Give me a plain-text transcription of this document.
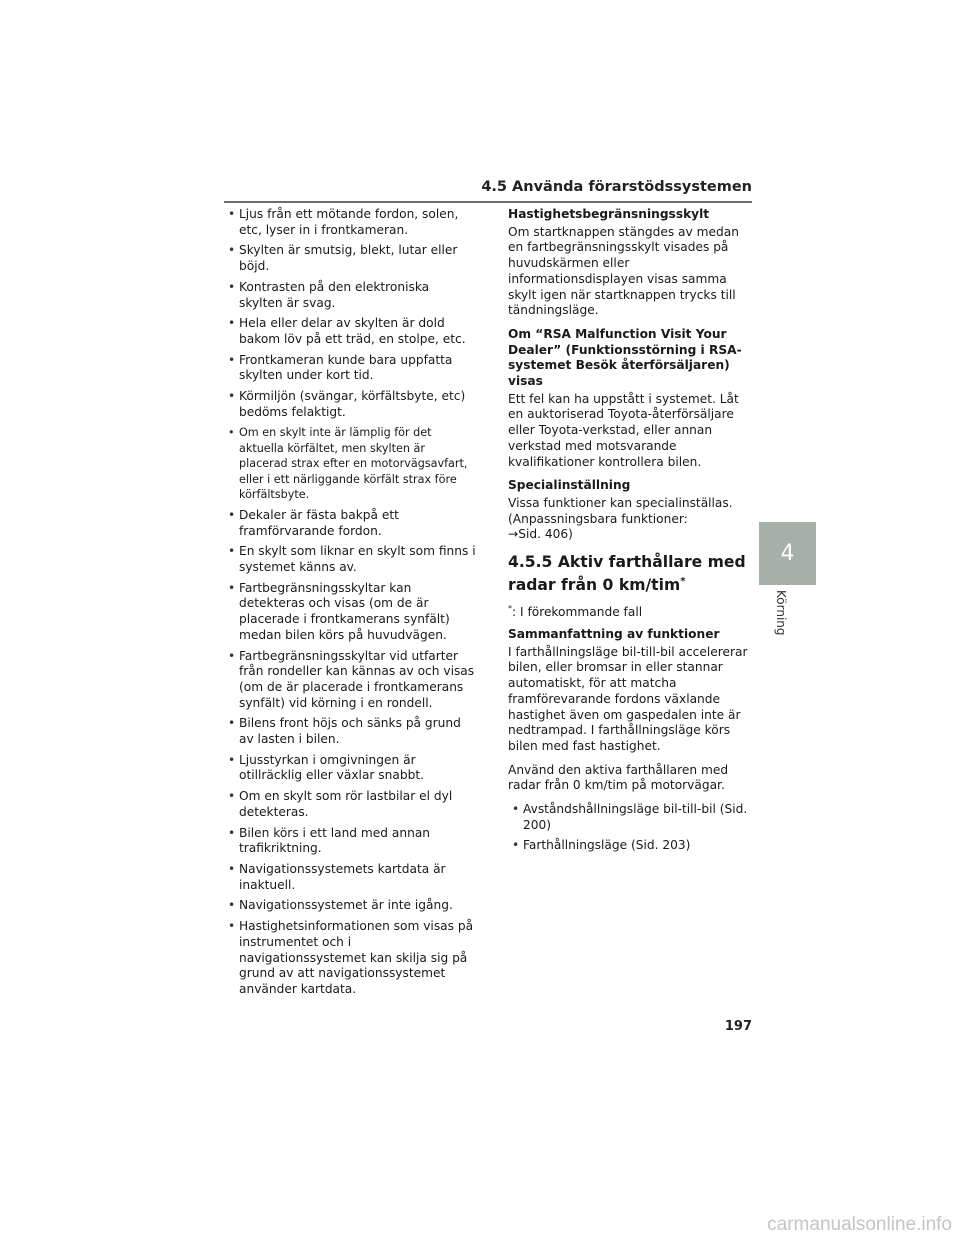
4.5 Använda förarstödssystemen
• Ljus från ett mötande fordon, solen, etc, lyser in i frontkameran.
• Skylten är smutsig, blekt, lutar eller böjd.
• Kontrasten på den elektroniska skylten är svag.
• Hela eller delar av skylten är dold bakom löv på ett träd, en stolpe, etc.
• Frontkameran kunde bara uppfatta skylten under kort tid.
• Körmiljön (svängar, körfältsbyte, etc) bedöms felaktigt.
• Om en skylt inte är lämplig för det aktuella körfältet, men skylten är placerad strax efter en motorvägsavfart, eller i ett närliggande körfält strax före körfältsbyte.
• Dekaler är fästa bakpå ett framförvarande fordon.
• En skylt som liknar en skylt som finns i systemet känns av.
• Fartbegränsningsskyltar kan detekteras och visas (om de är placerade i frontkamerans synfält) medan bilen körs på huvudvägen.
• Fartbegränsningsskyltar vid utfarter från rondeller kan kännas av och visas (om de är placerade i frontkamerans synfält) vid körning i en rondell.
• Bilens front höjs och sänks på grund av lasten i bilen.
• Ljusstyrkan i omgivningen är otillräcklig eller växlar snabbt.
• Om en skylt som rör lastbilar el dyl detekteras.
• Bilen körs i ett land med annan trafikriktning.
• Navigationssystemets kartdata är inaktuell.
• Navigationssystemet är inte igång.
• Hastighetsinformationen som visas på instrumentet och i navigationssystemet kan skilja sig på grund av att navigationssystemet använder kartdata.

Hastighetsbegränsningsskylt

Om startknappen stängdes av medan en fartbegränsningsskylt visades på huvudskärmen eller informationsdisplayen visas samma skylt igen när startknappen trycks till tändningsläge.

Om “RSA Malfunction Visit Your Dealer” (Funktionsstörning i RSA-systemet Besök återförsäljaren) visas

Ett fel kan ha uppstått i systemet. Låt en auktoriserad Toyota-återförsäljare eller Toyota-verkstad, eller annan verkstad med motsvarande kvalifikationer kontrollera bilen.

Specialinställning

Vissa funktioner kan specialinställas. (Anpassningsbara funktioner:
→Sid. 406)

4.5.5 Aktiv farthållare med radar från 0 km/tim*

*: I förekommande fall

Sammanfattning av funktioner

I farthållningsläge bil-till-bil accelererar bilen, eller bromsar in eller stannar automatiskt, för att matcha framförevarande fordons växlande hastighet även om gaspedalen inte är nedtrampad. I farthållningsläge körs bilen med fast hastighet.

Använd den aktiva farthållaren med radar från 0 km/tim på motorvägar.

• Avståndshållningsläge bil-till-bil (Sid. 200)
• Farthållningsläge (Sid. 203)
4
Körning
197
carmanualsonline.info
